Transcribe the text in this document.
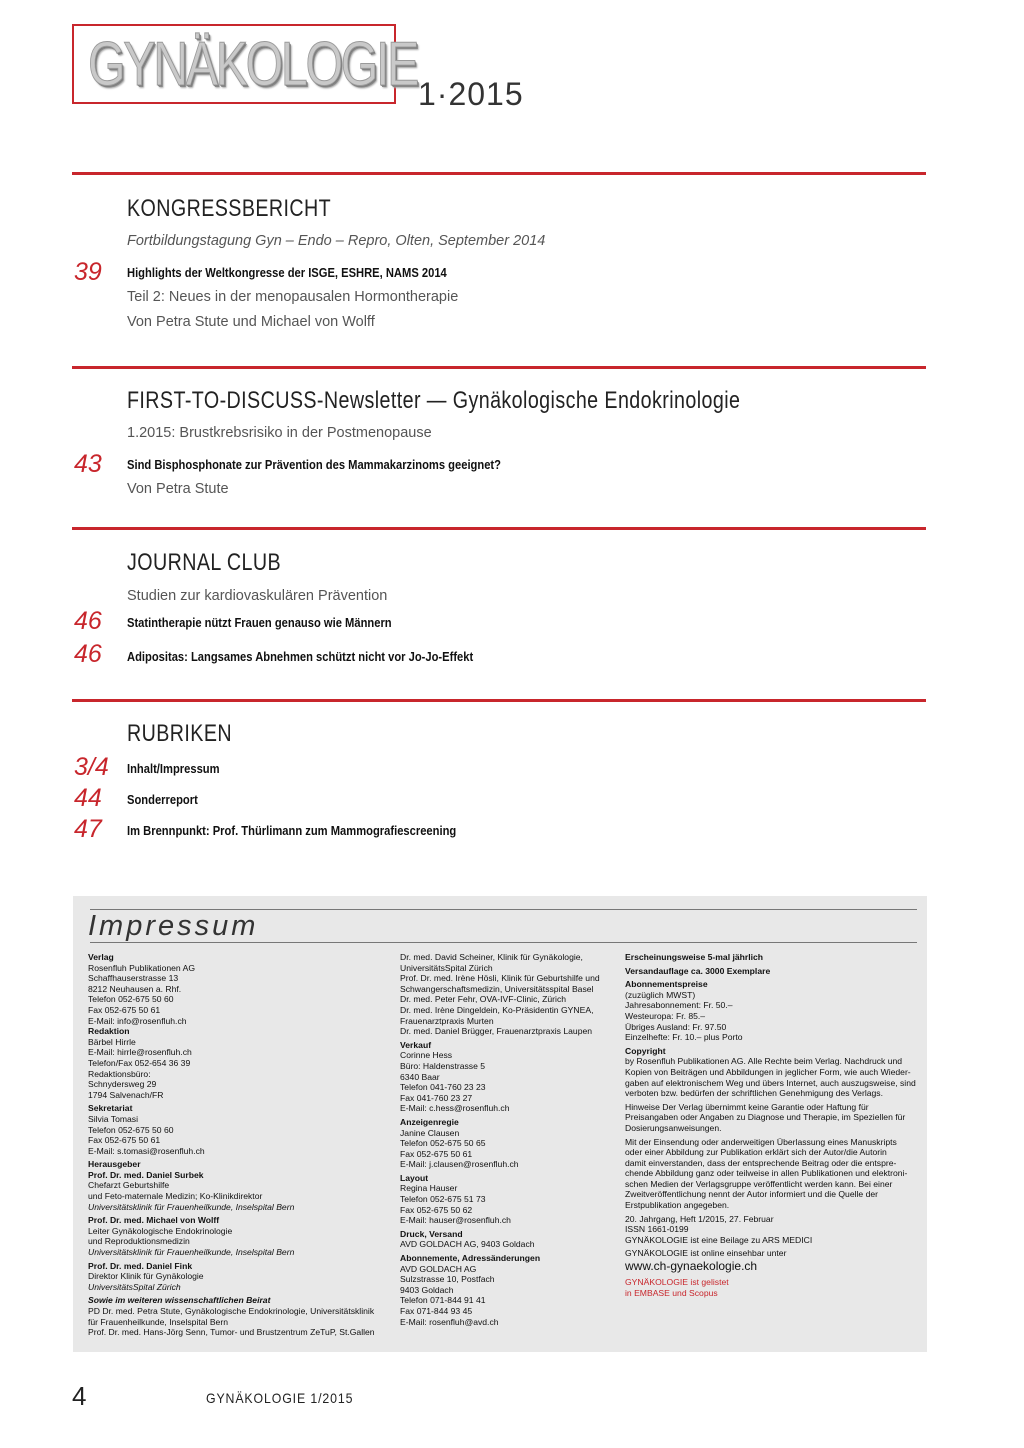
GYNÄKOLOGIE 1·2015
KONGRESSBERICHT
Fortbildungstagung Gyn – Endo – Repro, Olten, September 2014
39	Highlights der Weltkongresse der ISGE, ESHRE, NAMS 2014
Teil 2: Neues in der menopausalen Hormontherapie
Von Petra Stute und Michael von Wolff
FIRST-TO-DISCUSS-Newsletter — Gynäkologische Endokrinologie
1.2015: Brustkrebsrisiko in der Postmenopause
43	Sind Bisphosphonate zur Prävention des Mammakarzinoms geeignet?
Von Petra Stute
JOURNAL CLUB
Studien zur kardiovaskulären Prävention
46	Statintherapie nützt Frauen genauso wie Männern
46	Adipositas: Langsames Abnehmen schützt nicht vor Jo-Jo-Effekt
RUBRIKEN
3/4	Inhalt/Impressum
44	Sonderreport
47	Im Brennpunkt: Prof. Thürlimann zum Mammografiescreening
Impressum

Verlag

Rosenfluh Publikationen AG

Schaffhauserstrasse 13

8212 Neuhausen a. Rhf.

Telefon 052-675 50 60

Fax 052-675 50 61

E-Mail: info@rosenfluh.ch

Redaktion

Bärbel Hirrle

E-Mail: hirrle@rosenfluh.ch

Telefon/Fax 052-654 36 39

Redaktionsbüro:

Schnydersweg 29

1794 Salvenach/FR

Sekretariat

Silvia Tomasi

Telefon 052-675 50 60

Fax 052-675 50 61

E-Mail: s.tomasi@rosenfluh.ch

Herausgeber

Prof. Dr. med. Daniel Surbek

Chefarzt Geburtshilfe

und Feto-maternale Medizin; Ko-Klinikdirektor

Universitätsklinik für Frauenheilkunde, Inselspital Bern

Prof. Dr. med. Michael von Wolff

Leiter Gynäkologische Endokrinologie

und Reproduktionsmedizin

Universitätsklinik für Frauenheilkunde, Inselspital Bern

Prof. Dr. med. Daniel Fink

Direktor Klinik für Gynäkologie

UniversitätsSpital Zürich

Sowie im weiteren wissenschaftlichen Beirat

PD Dr. med. Petra Stute, Gynäkologische Endokrinologie, Universitätsklinik

für Frauenheilkunde, Inselspital Bern

Prof. Dr. med. Hans-Jörg Senn, Tumor- und Brustzentrum ZeTuP, St.Gallen

Dr. med. David Scheiner, Klinik für Gynäkologie,

UniversitätsSpital Zürich

Prof. Dr. med. Irène Hösli, Klinik für Geburtshilfe und

Schwangerschaftsmedizin, Universitätsspital Basel

Dr. med. Peter Fehr, OVA-IVF-Clinic, Zürich

Dr. med. Irène Dingeldein, Ko-Präsidentin GYNEA,

Frauenarztpraxis Murten

Dr. med. Daniel Brügger, Frauenarztpraxis Laupen

Verkauf

Corinne Hess

Büro: Haldenstrasse 5

6340 Baar

Telefon 041-760 23 23

Fax 041-760 23 27

E-Mail: c.hess@rosenfluh.ch

Anzeigenregie

Janine Clausen

Telefon 052-675 50 65

Fax 052-675 50 61

E-Mail: j.clausen@rosenfluh.ch

Layout

Regina Hauser

Telefon 052-675 51 73

Fax 052-675 50 62

E-Mail: hauser@rosenfluh.ch

Druck, Versand

AVD GOLDACH AG, 9403 Goldach

Abonnemente, Adressänderungen

AVD GOLDACH AG

Sulzstrasse 10, Postfach

9403 Goldach

Telefon 071-844 91 41

Fax 071-844 93 45

E-Mail: rosenfluh@avd.ch

Erscheinungsweise 5-mal jährlich

Versandauflage ca. 3000 Exemplare

Abonnementspreise

(zuzüglich MWST)

Jahresabonnement: Fr. 50.–

Westeuropa: Fr. 85.–

Übriges Ausland: Fr. 97.50

Einzelhefte: Fr. 10.– plus Porto

Copyright

by Rosenfluh Publikationen AG. Alle Rechte beim Verlag. Nachdruck und

Kopien von Beiträgen und Abbildungen in jeglicher Form, wie auch Wieder-

gaben auf elektronischem Weg und übers Internet, auch auszugsweise, sind

verboten bzw. bedürfen der schriftlichen Genehmigung des Verlags.

Hinweise Der Verlag übernimmt keine Garantie oder Haftung für

Preisangaben oder Angaben zu Diagnose und Therapie, im Speziellen für

Dosierungsanweisungen.

Mit der Einsendung oder anderweitigen Überlassung eines Manuskripts

oder einer Abbildung zur Publikation erklärt sich der Autor/die Autorin

damit einverstanden, dass der entsprechende Beitrag oder die entspre-

chende Abbildung ganz oder teilweise in allen Publikationen und elektroni-

schen Medien der Verlagsgruppe veröffentlicht werden kann. Bei einer

Zweitveröffentlichung nennt der Autor informiert und die Quelle der

Erstpublikation angegeben.

20. Jahrgang, Heft 1/2015, 27. Februar

ISSN 1661-0199

GYNÄKOLOGIE ist eine Beilage zu ARS MEDICI

GYNÄKOLOGIE ist online einsehbar unter

www.ch-gynaekologie.ch

GYNÄKOLOGIE ist gelistet

in EMBASE und Scopus

4	GYNÄKOLOGIE 1/2015
